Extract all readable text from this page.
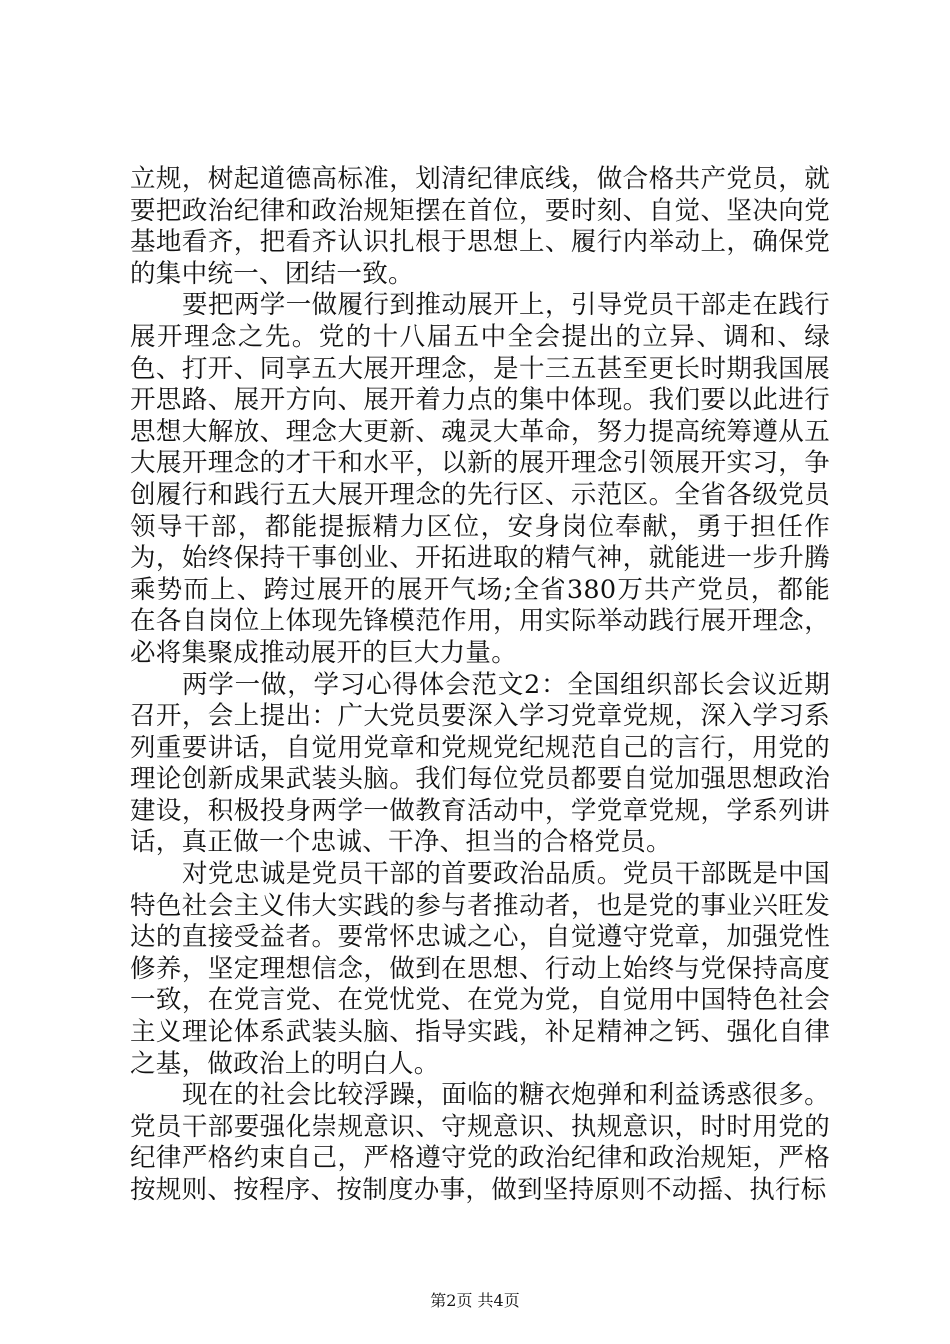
立规，树起道德高标准，划清纪律底线，做合格共产党员，就要把政治纪律和政治规矩摆在首位，要时刻、自觉、坚决向党基地看齐，把看齐认识扎根于思想上、履行内举动上，确保党的集中统一、团结一致。

要把两学一做履行到推动展开上，引导党员干部走在践行展开理念之先。党的十八届五中全会提出的立异、调和、绿色、打开、同享五大展开理念，是十三五甚至更长时期我国展开思路、展开方向、展开着力点的集中体现。我们要以此进行思想大解放、理念大更新、魂灵大革命，努力提高统筹遵从五大展开理念的才干和水平，以新的展开理念引领展开实习，争创履行和践行五大展开理念的先行区、示范区。全省各级党员领导干部，都能提振精力区位，安身岗位奉献，勇于担任作为，始终保持干事创业、开拓进取的精气神，就能进一步升腾乘势而上、跨过展开的展开气场;全省380万共产党员，都能在各自岗位上体现先锋模范作用，用实际举动践行展开理念，必将集聚成推动展开的巨大力量。

两学一做，学习心得体会范文2：全国组织部长会议近期召开，会上提出：广大党员要深入学习党章党规，深入学习系列重要讲话，自觉用党章和党规党纪规范自己的言行，用党的理论创新成果武装头脑。我们每位党员都要自觉加强思想政治建设，积极投身两学一做教育活动中，学党章党规，学系列讲话，真正做一个忠诚、干净、担当的合格党员。

对党忠诚是党员干部的首要政治品质。党员干部既是中国特色社会主义伟大实践的参与者推动者，也是党的事业兴旺发达的直接受益者。要常怀忠诚之心，自觉遵守党章，加强党性修养，坚定理想信念，做到在思想、行动上始终与党保持高度一致，在党言党、在党忧党、在党为党，自觉用中国特色社会主义理论体系武装头脑、指导实践，补足精神之钙、强化自律之基，做政治上的明白人。

现在的社会比较浮躁，面临的糖衣炮弹和利益诱惑很多。党员干部要强化崇规意识、守规意识、执规意识，时时用党的纪律严格约束自己，严格遵守党的政治纪律和政治规矩，严格按规则、按程序、按制度办事，做到坚持原则不动摇、执行标

第2页 共4页
